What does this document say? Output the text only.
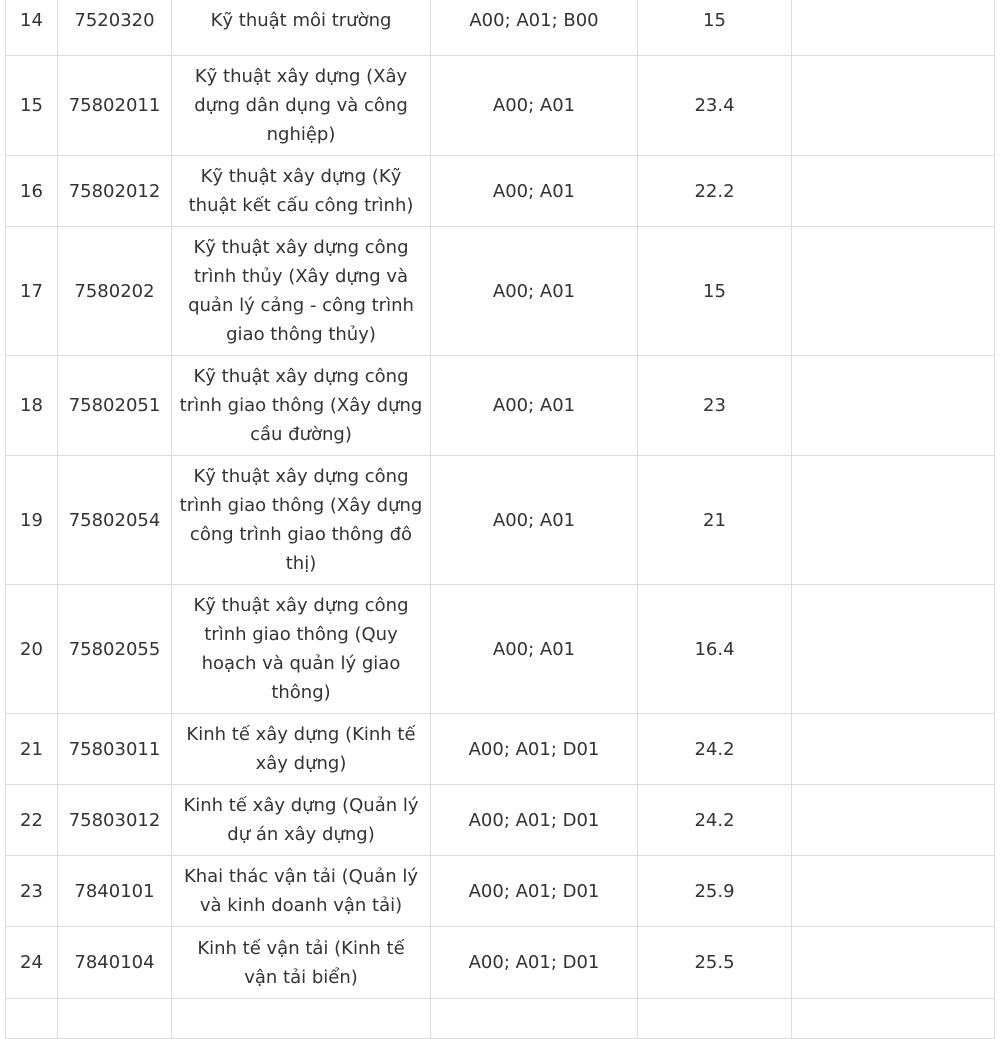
14	7520320	Kỹ thuật môi trường	A00; A01; B00	15	
15	75802011	Kỹ thuật xây dựng (Xây dựng dân dụng và công nghiệp)	A00; A01	23.4	
16	75802012	Kỹ thuật xây dựng (Kỹ thuật kết cấu công trình)	A00; A01	22.2	
17	7580202	Kỹ thuật xây dựng công trình thủy (Xây dựng và quản lý cảng - công trình giao thông thủy)	A00; A01	15	
18	75802051	Kỹ thuật xây dựng công trình giao thông (Xây dựng cầu đường)	A00; A01	23	
19	75802054	Kỹ thuật xây dựng công trình giao thông (Xây dựng công trình giao thông đô thị)	A00; A01	21	
20	75802055	Kỹ thuật xây dựng công trình giao thông (Quy hoạch và quản lý giao thông)	A00; A01	16.4	
21	75803011	Kinh tế xây dựng (Kinh tế xây dựng)	A00; A01; D01	24.2	
22	75803012	Kinh tế xây dựng (Quản lý dự án xây dựng)	A00; A01; D01	24.2	
23	7840101	Khai thác vận tải (Quản lý và kinh doanh vận tải)	A00; A01; D01	25.9	
24	7840104	Kinh tế vận tải (Kinh tế vận tải biển)	A00; A01; D01	25.5	
